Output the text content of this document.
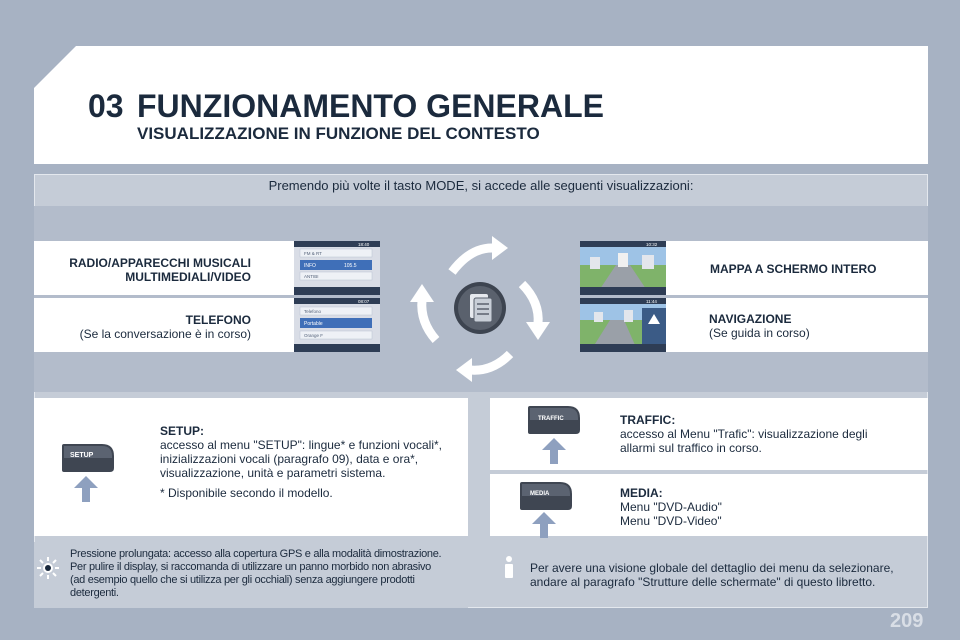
03 FUNZIONAMENTO GENERALE
VISUALIZZAZIONE IN FUNZIONE DEL CONTESTO
Premendo più volte il tasto MODE, si accede alle seguenti visualizzazioni:
RADIO/APPARECCHI MUSICALI
MULTIMEDIALI/VIDEO
TELEFONO
(Se la conversazione è in corso)
MAPPA A SCHERMO INTERO
NAVIGAZIONE
(Se guida in corso)
FM & RT
INFO	105.5
ANTIBI
18:40
Telefono
Portable
Orange F
08:07
10:32
11:44
SETUP
TRAFFIC
MEDIA
SETUP:
accesso al menu "SETUP": lingue* e funzioni vocali*,
inizializzazioni vocali (paragrafo 09), data e ora*,
visualizzazione, unità e parametri sistema.
* Disponibile secondo il modello.
TRAFFIC:
accesso al Menu "Trafic": visualizzazione degli
allarmi sul traffico in corso.
MEDIA:
Menu "DVD-Audio"
Menu "DVD-Video"
Pressione prolungata: accesso alla copertura GPS e alla modalità dimostrazione.
Per pulire il display, si raccomanda di utilizzare un panno morbido non abrasivo
(ad esempio quello che si utilizza per gli occhiali) senza aggiungere prodotti
detergenti.
Per avere una visione globale del dettaglio dei menu da selezionare,
andare al paragrafo "Strutture delle schermate" di questo libretto.
209
